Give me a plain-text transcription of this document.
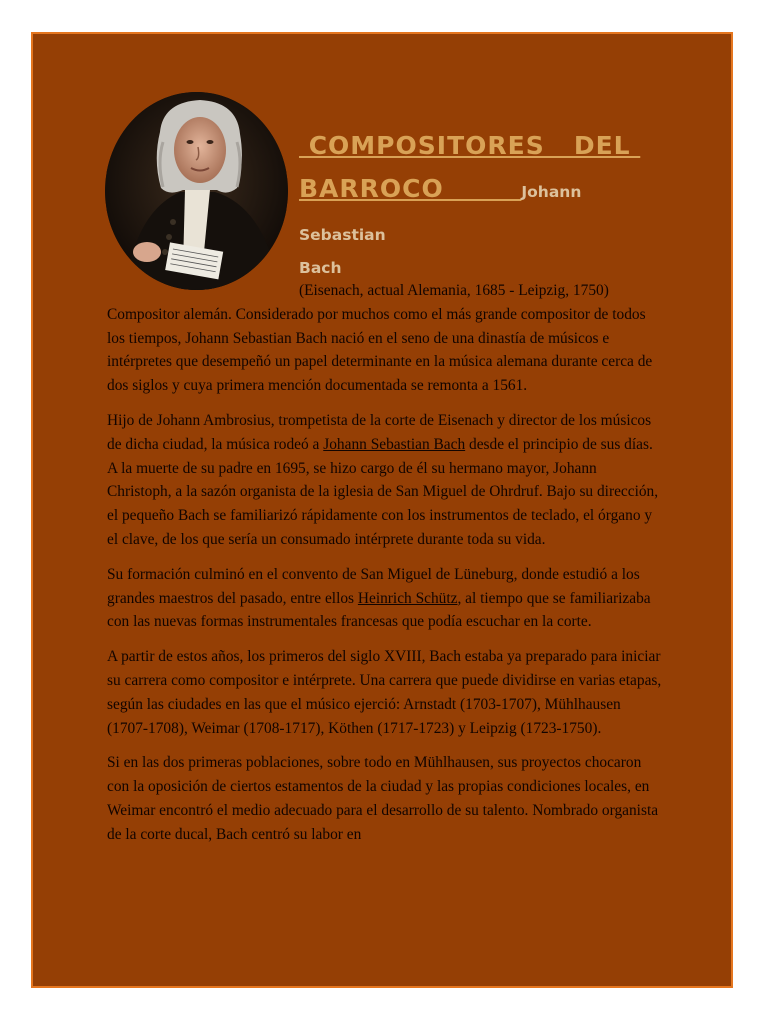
COMPOSITORES   DEL
BARROCO        Johann Sebastian
Bach

(Eisenach, actual Alemania, 1685 - Leipzig, 1750)

Compositor alemán. Considerado por muchos como el más grande compositor de todos los tiempos, Johann Sebastian Bach nació en el seno de una dinastía de músicos e intérpretes que desempeñó un papel determinante en la música alemana durante cerca de dos siglos y cuya primera mención documentada se remonta a 1561.

Hijo de Johann Ambrosius, trompetista de la corte de Eisenach y director de los músicos de dicha ciudad, la música rodeó a Johann Sebastian Bach desde el principio de sus días. A la muerte de su padre en 1695, se hizo cargo de él su hermano mayor, Johann Christoph, a la sazón organista de la iglesia de San Miguel de Ohrdruf. Bajo su dirección, el pequeño Bach se familiarizó rápidamente con los instrumentos de teclado, el órgano y el clave, de los que sería un consumado intérprete durante toda su vida.

Su formación culminó en el convento de San Miguel de Lüneburg, donde estudió a los grandes maestros del pasado, entre ellos Heinrich Schütz, al tiempo que se familiarizaba con las nuevas formas instrumentales francesas que podía escuchar en la corte.

A partir de estos años, los primeros del siglo XVIII, Bach estaba ya preparado para iniciar su carrera como compositor e intérprete. Una carrera que puede dividirse en varias etapas, según las ciudades en las que el músico ejerció: Arnstadt (1703-1707), Mühlhausen (1707-1708), Weimar (1708-1717), Köthen (1717-1723) y Leipzig (1723-1750).

Si en las dos primeras poblaciones, sobre todo en Mühlhausen, sus proyectos chocaron con la oposición de ciertos estamentos de la ciudad y las propias condiciones locales, en Weimar encontró el medio adecuado para el desarrollo de su talento. Nombrado organista de la corte ducal, Bach centró su labor en
